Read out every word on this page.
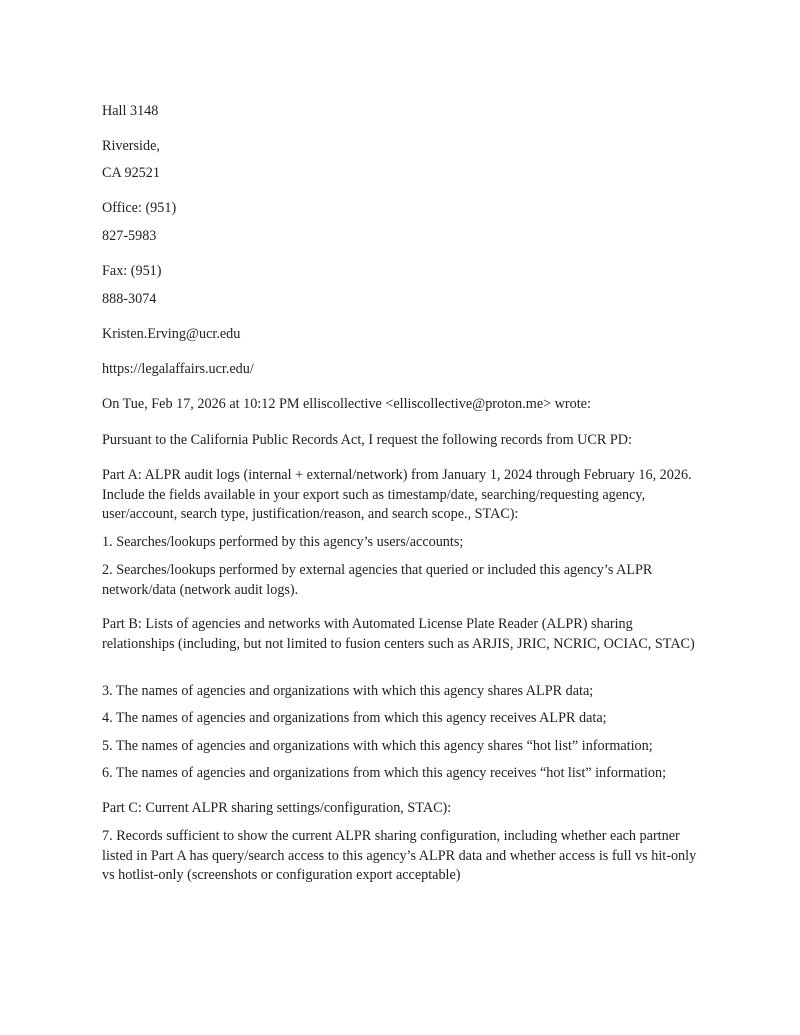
Hall 3148
Riverside,
CA 92521
Office: (951)
827-5983
Fax: (951)
888-3074
Kristen.Erving@ucr.edu
https://legalaffairs.ucr.edu/
On Tue, Feb 17, 2026 at 10:12 PM elliscollective <elliscollective@proton.me> wrote:
Pursuant to the California Public Records Act, I request the following records from UCR PD:
Part A: ALPR audit logs (internal + external/network) from January 1, 2024 through February 16, 2026. Include the fields available in your export such as timestamp/date, searching/requesting agency, user/account, search type, justification/reason, and search scope., STAC):
1. Searches/lookups performed by this agency’s users/accounts;
2. Searches/lookups performed by external agencies that queried or included this agency’s ALPR network/data (network audit logs).
Part B: Lists of agencies and networks with Automated License Plate Reader (ALPR) sharing relationships (including, but not limited to fusion centers such as ARJIS, JRIC, NCRIC, OCIAC, STAC)
3. The names of agencies and organizations with which this agency shares ALPR data;
4. The names of agencies and organizations from which this agency receives ALPR data;
5. The names of agencies and organizations with which this agency shares “hot list” information;
6. The names of agencies and organizations from which this agency receives “hot list” information;
Part C: Current ALPR sharing settings/configuration, STAC):
7. Records sufficient to show the current ALPR sharing configuration, including whether each partner listed in Part A has query/search access to this agency’s ALPR data and whether access is full vs hit-only vs hotlist-only (screenshots or configuration export acceptable)
